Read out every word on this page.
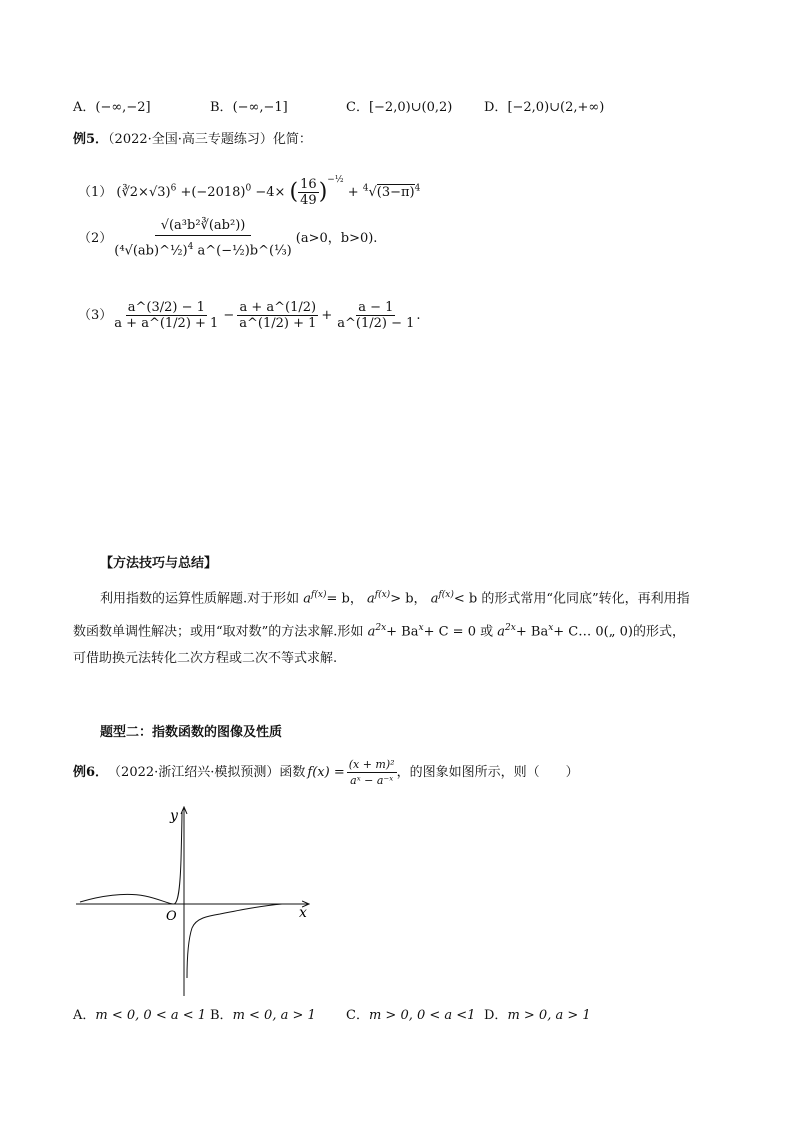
A．(−∞,−2]	B．(−∞,−1]	C．[−2,0)∪(0,2) D．[−2,0)∪(2,+∞)
例5．（2022·全国·高三专题练习）化简：
（1） (∛2×√3)$^6$ $+(-2018)^0 -4\times$ ( $\frac{16}{49} )^{-\frac{1}{2}} + ^4√(3-\pi)^4$
$(2) \frac{\text{√(a³b²∛(ab²))}}{(^4√(ab)\^{}\frac{1}{2})^4 a\^{}(-\frac{1}{2})b\^{}(\frac{1}{3})} (a>0$，b>0).
$(3) \frac{a\^{}(3/2) - 1}{a + a\^{}(1/2) + 1} - \frac{a + a\^{}(1/2)}{a\^{}(1/2) + 1} + \frac{a - 1}{a\^{}(1/2) - 1}$ .
【方法技巧与总结】
利用指数的运算性质解题.对于形如 $a^{f(x)}= b$， $a^{f(x)}> b$， $a^{f(x)}< b$ 的形式常用“化同底”转化，再利用指
数函数单调性解决；或用“取对数”的方法求解.形如 $a^{2x}+ Ba^x+ C = 0$ 或 $a^{2x}+ Ba^x+$ C… 0(„ 0)的形式，
可借助换元法转化二次方程或二次不等式求解.
题型二：指数函数的图像及性质
例6． （2022·浙江绍兴·模拟预测）函数 $f(x) = \frac{\text{(x + m)²}}{\text{aˣ − a⁻ˣ}}$ ，的图象如图所示，则（　　）
y
x
O
A．m < 0, 0 < a < 1 B．m < 0, a > 1 C．m > 0, 0 < a <1 D．m > 0, a > 1
